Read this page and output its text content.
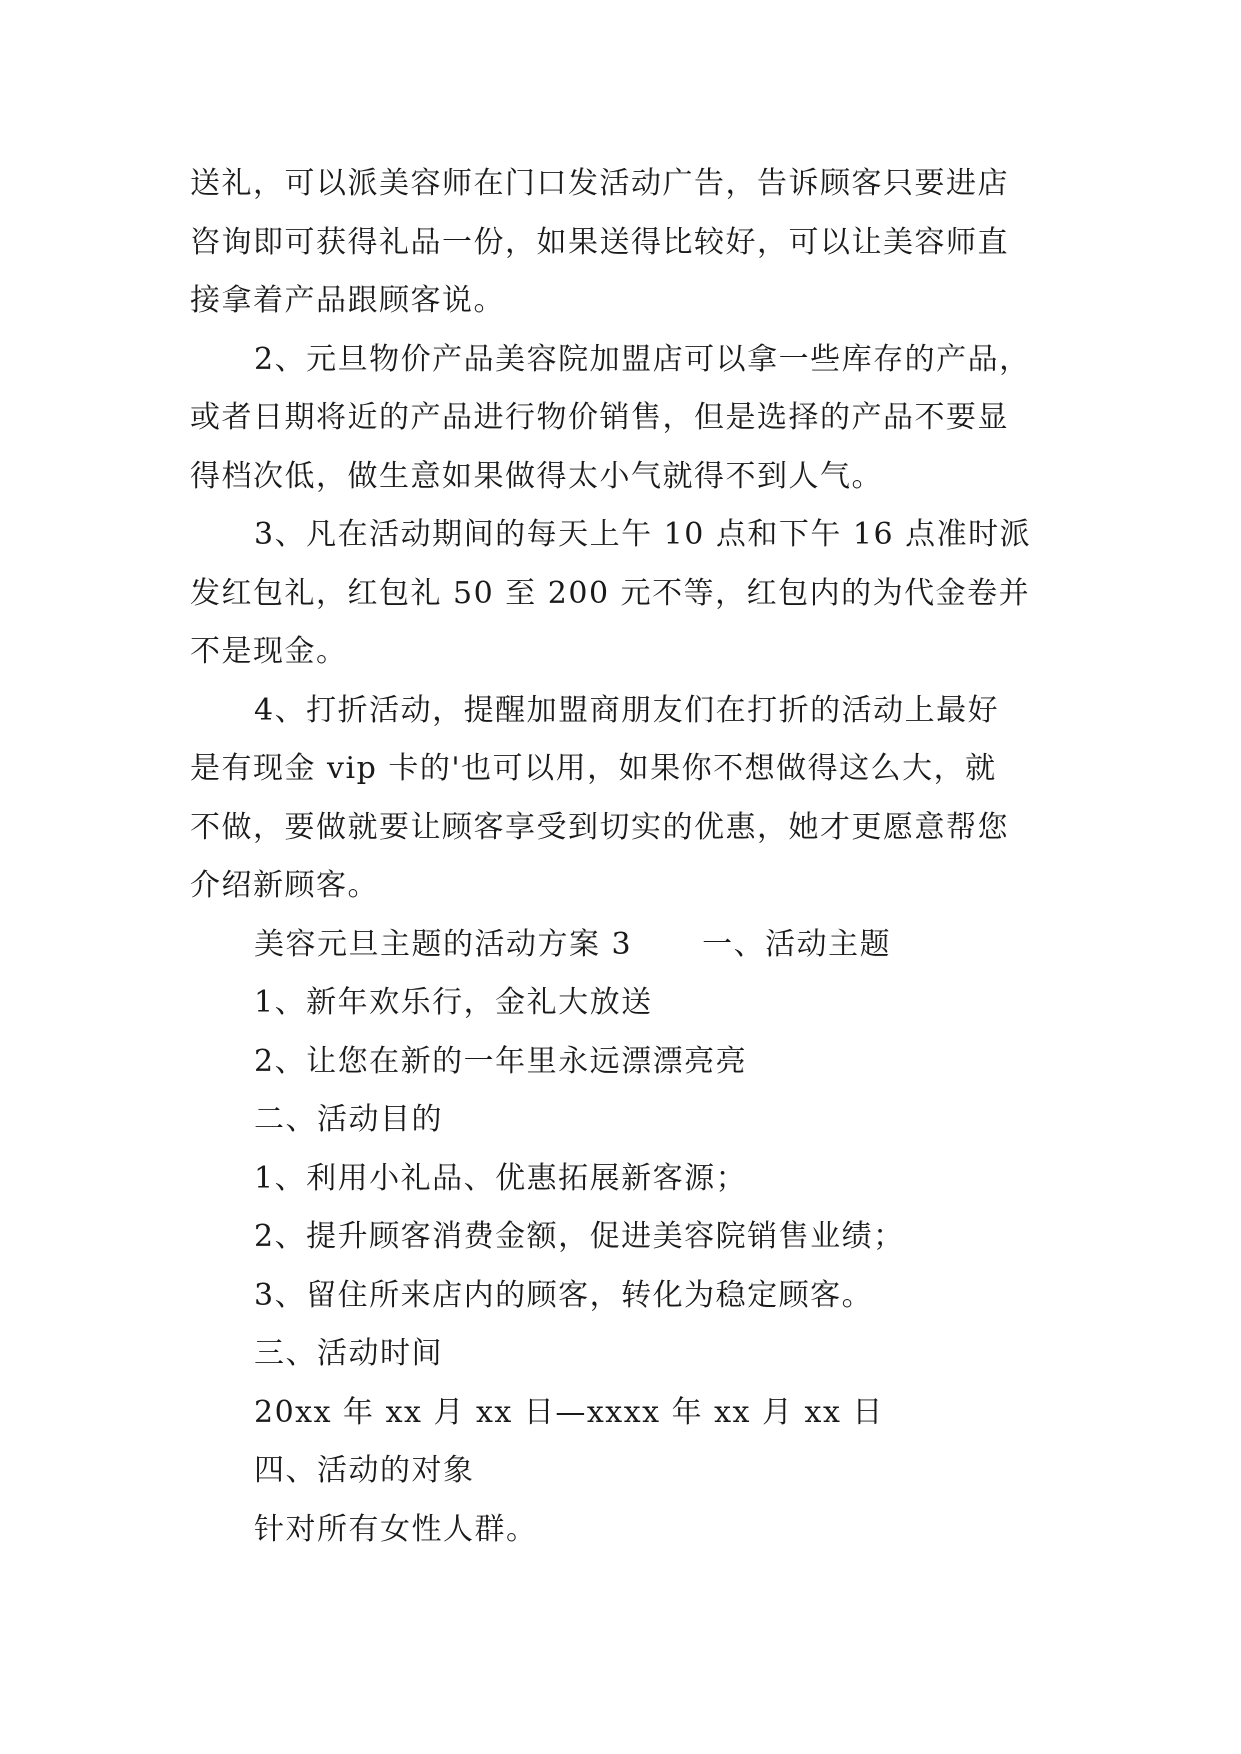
送礼，可以派美容师在门口发活动广告，告诉顾客只要进店

咨询即可获得礼品一份，如果送得比较好，可以让美容师直

接拿着产品跟顾客说。

2、元旦物价产品美容院加盟店可以拿一些库存的产品，

或者日期将近的产品进行物价销售，但是选择的产品不要显

得档次低，做生意如果做得太小气就得不到人气。

3、凡在活动期间的每天上午 10 点和下午 16 点准时派

发红包礼，红包礼 50 至 200 元不等，红包内的为代金卷并

不是现金。

4、打折活动，提醒加盟商朋友们在打折的活动上最好

是有现金 vip 卡的'也可以用，如果你不想做得这么大，就

不做，要做就要让顾客享受到切实的优惠，她才更愿意帮您

介绍新顾客。

美容元旦主题的活动方案 3 一、活动主题

1、新年欢乐行，金礼大放送

2、让您在新的一年里永远漂漂亮亮

二、活动目的

1、利用小礼品、优惠拓展新客源；

2、提升顾客消费金额，促进美容院销售业绩；

3、留住所来店内的顾客，转化为稳定顾客。

三、活动时间

20xx 年 xx 月 xx 日—xxxx 年 xx 月 xx 日

四、活动的对象

针对所有女性人群。
